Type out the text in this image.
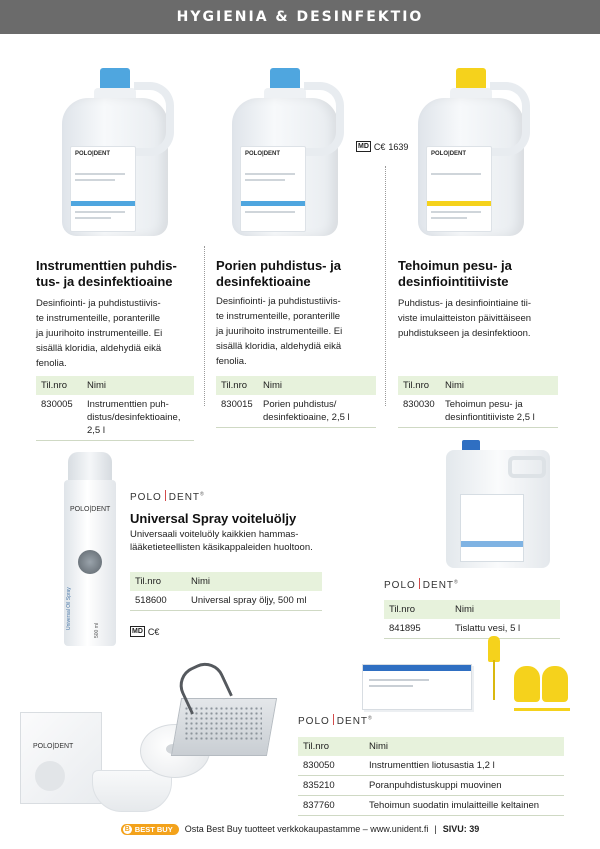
HYGIENIA & DESINFEKTIO
POLO|DENT	POLO|DENT
MD C€ 1639
POLO|DENT
Instrumenttien puhdis-
tus- ja desinfektioaine
Desinfiointi- ja puhdistustiivis-
te instrumenteille, poranterille
ja juurihoito instrumenteille. Ei
sisällä kloridia, aldehydiä eikä
fenolia.
Til.nro	Nimi
830005	Instrumenttien puh-
distus/desinfektioaine,
2,5 l
Porien puhdistus- ja
desinfektioaine
Desinfiointi- ja puhdistustiivis-
te instrumenteille, poranterille
ja juurihoito instrumenteille. Ei
sisällä kloridia, aldehydiä eikä
fenolia.
Til.nro	Nimi
830015	Porien puhdistus/
desinfektioaine, 2,5 l
Tehoimun pesu- ja
desinfiointitiiviste
Puhdistus- ja desinfiointiaine tii-
viste imulaitteiston päivittäiseen
puhdistukseen ja desinfektioon.
Til.nro	Nimi
830030	Tehoimun pesu- ja
desinfiontitiiviste 2,5 l
POLO|DENT
Universal Oil Spray
500 ml	MD C€
POLO DENT®
Universal Spray voiteluöljy
Universaali voiteluöly kaikkien hammas-
lääketieteellisten käsikappaleiden huoltoon.
Til.nro	Nimi
518600	Universal spray öljy, 500 ml
POLO DENT®
Til.nro	Nimi
841895	Tislattu vesi, 5 l
POLO|DENT
POLO DENT®
Til.nro	Nimi
830050	Instrumenttien liotusastia 1,2 l
835210	Poranpuhdistuskuppi muovinen
837760	Tehoimun suodatin imulaitteille keltainen
B BEST BUY Osta Best Buy tuotteet verkkokaupastamme – www.unident.fi | SIVU: 39
